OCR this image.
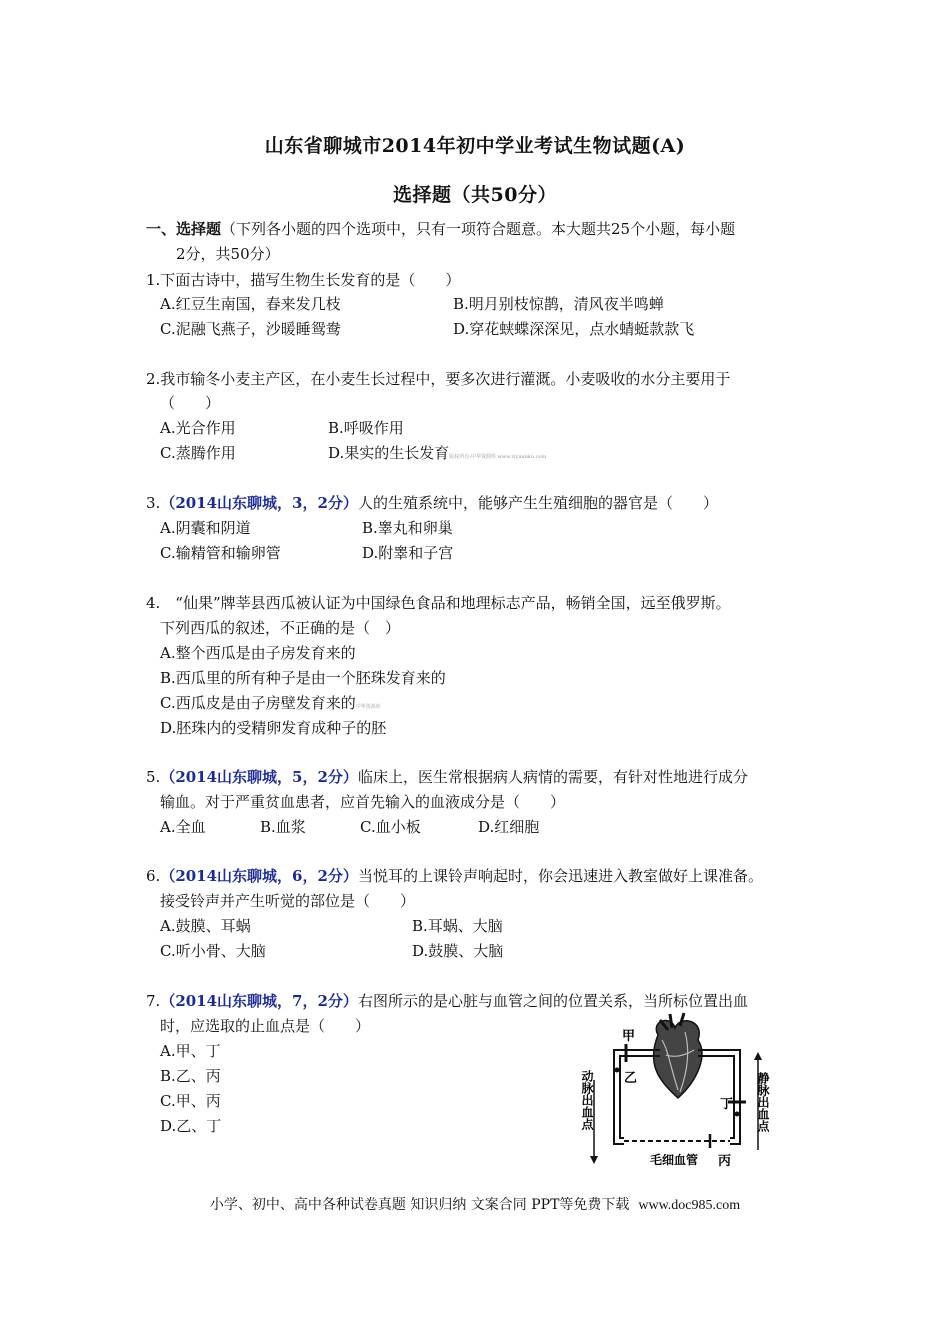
山东省聊城市2014年初中学业考试生物试题(A)
选择题（共50分）
一、选择题（下列各小题的四个选项中，只有一项符合题意。本大题共25个小题，每小题
2分，共50分）
1.下面古诗中，描写生物生长发育的是（　　）
A.红豆生南国，春来发几枝	B.明月别枝惊鹊，清风夜半鸣蝉
C.泥融飞燕子，沙暖睡鸳鸯	D.穿花蛱蝶深深见，点水蜻蜓款款飞
2.我市输冬小麦主产区，在小麦生长过程中，要多次进行灌溉。小麦吸收的水分主要用于
（　　）
A.光合作用	B.呼吸作用
C.蒸腾作用	D.果实的生长发育版权所有:中华资源库 www.ziyuanku.com
3.（2014山东聊城，3，2分）人的生殖系统中，能够产生生殖细胞的器官是（　　）
A.阴囊和阴道	B.睾丸和卵巢
C.输精管和输卵管	D.附睾和子宫
4.　“仙果”牌莘县西瓜被认证为中国绿色食品和地理标志产品，畅销全国，远至俄罗斯。
下列西瓜的叙述，不正确的是（　）
A.整个西瓜是由子房发育来的
B.西瓜里的所有种子是由一个胚珠发育来的
C.西瓜皮是由子房壁发育来的中华资源库
D.胚珠内的受精卵发育成种子的胚
5.（2014山东聊城，5，2分）临床上，医生常根据病人病情的需要，有针对性地进行成分
输血。对于严重贫血患者，应首先输入的血液成分是（　　）
A.全血	B.血浆	C.血小板	D.红细胞
6.（2014山东聊城，6，2分）当悦耳的上课铃声响起时，你会迅速进入教室做好上课准备。
接受铃声并产生听觉的部位是（　　）
A.鼓膜、耳蜗	B.耳蜗、大脑
C.听小骨、大脑	D.鼓膜、大脑
7.（2014山东聊城，7，2分）右图所示的是心脏与血管之间的位置关系，当所标位置出血
时，应选取的止血点是（　　）
A.甲、丁
B.乙、丙
C.甲、丙
D.乙、丁
甲
乙
丁
丙
毛细血管
动脉出血点	静脉出血点
小学、初中、高中各种试卷真题 知识归纳 文案合同 PPT等免费下载 www.doc985.com
